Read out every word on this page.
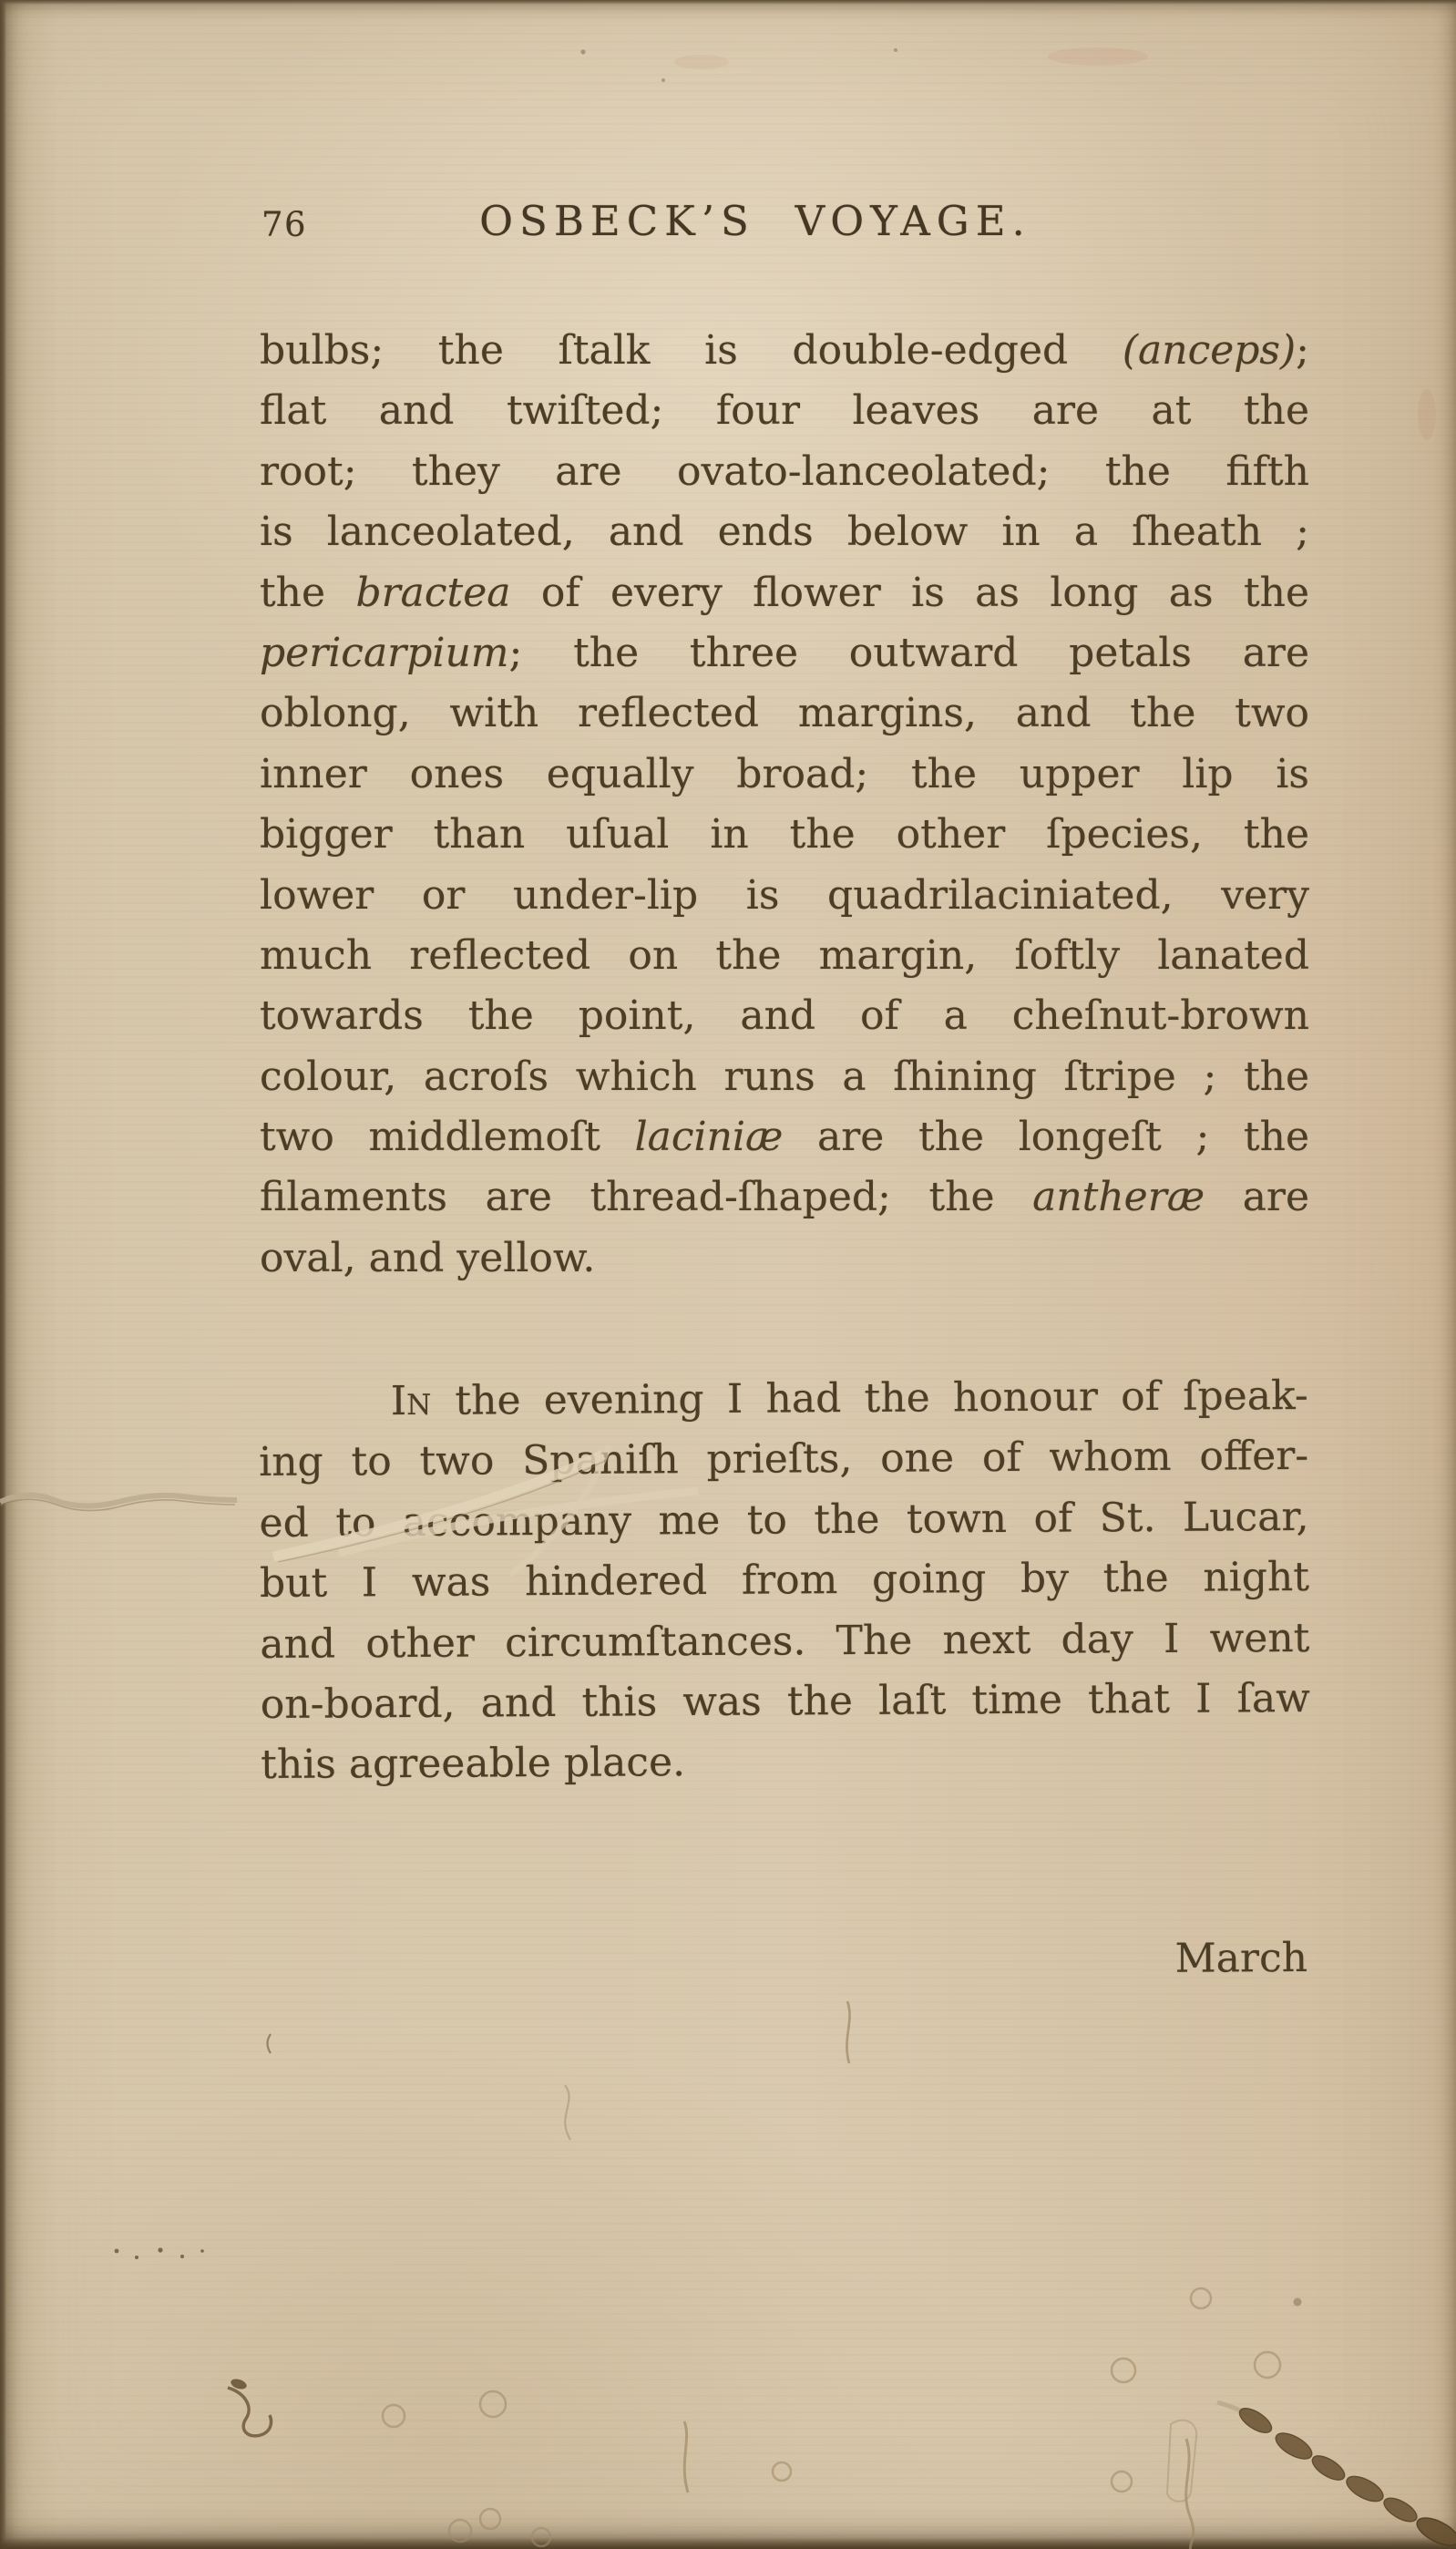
76	OSBECK’S VOYAGE.
bulbs; the ſtalk is double-edged (anceps);
flat and twiſted; four leaves are at the
root; they are ovato-lanceolated; the fifth
is lanceolated, and ends below in a ſheath ;
the bractea of every flower is as long as the
pericarpium; the three outward petals are
oblong, with reflected margins, and the two
inner ones equally broad; the upper lip is
bigger than uſual in the other ſpecies, the
lower or under-lip is quadrilaciniated, very
much reflected on the margin, ſoftly lanated
towards the point, and of a cheſnut-brown
colour, acroſs which runs a ſhining ſtripe ; the
two middlemoſt laciniæ are the longeſt ; the
filaments are thread-ſhaped; the antheræ are
oval, and yellow.
In the evening I had the honour of ſpeak-
ing to two Spaniſh prieſts, one of whom offer-
ed to accompany me to the town of St. Lucar,
but I was hindered from going by the night
and other circumſtances. The next day I went
on-board, and this was the laſt time that I ſaw
this agreeable place.
March
